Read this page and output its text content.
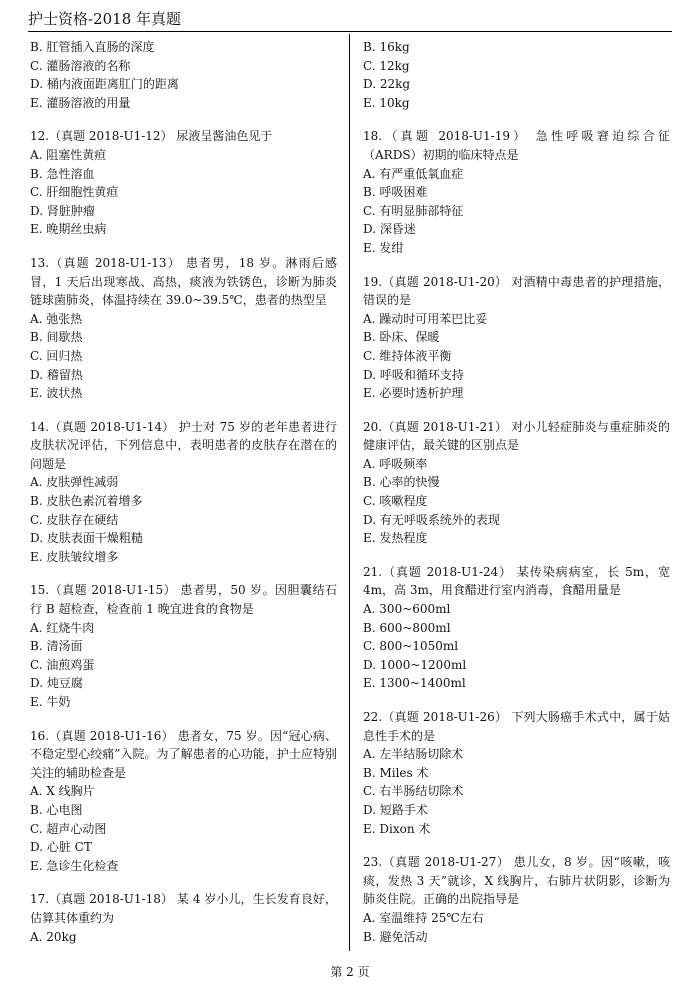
护士资格-2018 年真题
B. 肛管插入直肠的深度
C. 灌肠溶液的名称
D. 桶内液面距离肛门的距离
E. 灌肠溶液的用量
12.（真题 2018-U1-12） 尿液呈酱油色见于
A. 阻塞性黄疸
B. 急性溶血
C. 肝细胞性黄疸
D. 肾脏肿瘤
E. 晚期丝虫病
13.（真题 2018-U1-13） 患者男，18 岁。淋雨后感冒，1 天后出现寒战、高热，痰液为铁锈色，诊断为肺炎链球菌肺炎，体温持续在 39.0~39.5℃，患者的热型呈
A. 弛张热
B. 间歇热
C. 回归热
D. 稽留热
E. 波状热
14.（真题 2018-U1-14） 护士对 75 岁的老年患者进行皮肤状况评估，下列信息中，表明患者的皮肤存在潜在的问题是
A. 皮肤弹性减弱
B. 皮肤色素沉着增多
C. 皮肤存在硬结
D. 皮肤表面干燥粗糙
E. 皮肤皱纹增多
15.（真题 2018-U1-15） 患者男，50 岁。因胆囊结石行 B 超检查，检查前 1 晚宜进食的食物是
A. 红烧牛肉
B. 清汤面
C. 油煎鸡蛋
D. 炖豆腐
E. 牛奶
16.（真题 2018-U1-16） 患者女，75 岁。因“冠心病、不稳定型心绞痛”入院。为了解患者的心功能，护士应特别关注的辅助检查是
A. X 线胸片
B. 心电图
C. 超声心动图
D. 心脏 CT
E. 急诊生化检查
17.（真题 2018-U1-18） 某 4 岁小儿，生长发育良好，估算其体重约为
A. 20kg
B. 16kg
C. 12kg
D. 22kg
E. 10kg
18.（真题 2018-U1-19） 急性呼吸窘迫综合征（ARDS）初期的临床特点是
A. 有严重低氧血症
B. 呼吸困难
C. 有明显肺部特征
D. 深昏迷
E. 发绀
19.（真题 2018-U1-20） 对酒精中毒患者的护理措施，错误的是
A. 躁动时可用苯巴比妥
B. 卧床、保暖
C. 维持体液平衡
D. 呼吸和循环支持
E. 必要时透析护理
20.（真题 2018-U1-21） 对小儿轻症肺炎与重症肺炎的健康评估，最关键的区别点是
A. 呼吸频率
B. 心率的快慢
C. 咳嗽程度
D. 有无呼吸系统外的表现
E. 发热程度
21.（真题 2018-U1-24） 某传染病病室，长 5m，宽 4m，高 3m，用食醋进行室内消毒，食醋用量是
A. 300~600ml
B. 600~800ml
C. 800~1050ml
D. 1000~1200ml
E. 1300~1400ml
22.（真题 2018-U1-26） 下列大肠癌手术式中，属于姑息性手术的是
A. 左半结肠切除术
B. Miles 术
C. 右半肠结切除术
D. 短路手术
E. Dixon 术
23.（真题 2018-U1-27） 患儿女，8 岁。因“咳嗽，咳痰，发热 3 天”就诊，X 线胸片，右肺片状阴影，诊断为肺炎住院。正确的出院指导是
A. 室温维持 25℃左右
B. 避免活动
第 2 页
